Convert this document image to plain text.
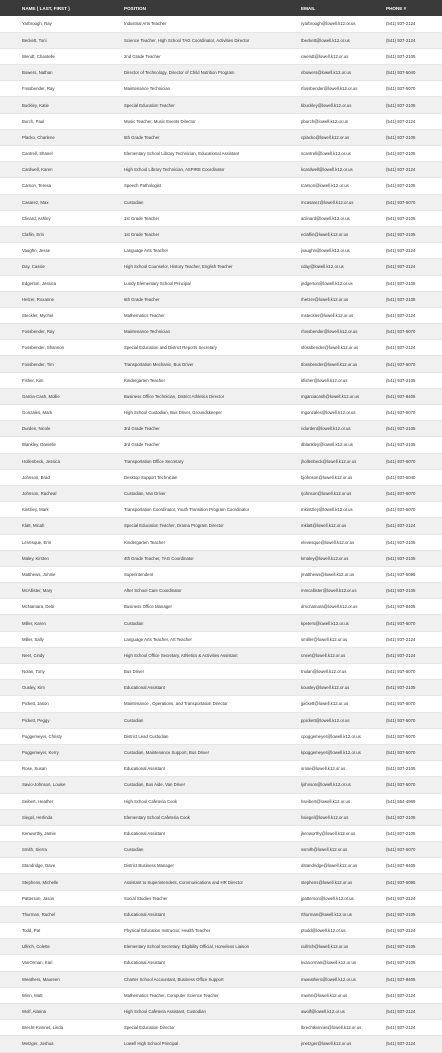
NAME ( LAST, FIRST )	POSITION	EMAIL	PHONE #
Yarbrough, Ray	Industrial Arts Teacher	ryarbrough@lowell.k12.or.us	(541) 937-2124
Beckett, Toni	Science Teacher, High School TAG Coordinator, Activities Director	tbeckett@lowell.k12.or.us	(541) 937-2124
Wendt, Chantelle	2nd Grade Teacher	cwendt@lowell.k12.or.us	(541) 937-2105
Bowers, Nathan	Director of Technology, Director of Child Nutrition Program	nbowers@lowell.k12.or.us	(541) 937-5040
Fossbender, Ray	Maintenance Technician	rfossbender@lowell.k12.or.us	(541) 937-5070
Buckley, Katie	Special Education Teacher	kbuckley@lowell.k12.or.us	(541) 937-2105
Burch, Paul	Music Teacher, Music Events Director	pburch@lowell.k12.or.us	(541) 937-2124
Placko, Charlene	5th Grade Teacher	cplacko@lowell.k12.or.us	(541) 937-2105
Cantrell, Shanel	Elementary School Library Technician, Educational Assistant	scantrell@lowell.k12.or.us	(541) 937-2105
Cardwell, Karen	High School Library Technician, ASPIRE Coordinator	kcardwell@lowell.k12.or.us	(541) 937-2124
Carson, Teresa	Speech Pathologist	tcarson@lowell.k12.or.us	(541) 937-2105
Casarez, Max	Custodian	mcasarez@lowell.k12.or.us	(541) 937-5070
Clinard, Ashley	1st Grade Teacher	aclinard@lowell.k12.or.us	(541) 937-2105
Claflin, Erin	1st Grade Teacher	eclaflin@lowell.k12.or.us	(541) 937-2105
Vaughn, Jesse	Language Arts Teacher	jvaughn@lowell.k12.or.us	(541) 937-2124
Day, Cassie	High School Counselor, History Teacher, English Teacher	cday@lowell.k12.or.us	(541) 937-2124
Edgerton, Jessica	Lundy Elementary School Principal	jedgerton@lowell.k12.or.us	(541) 937-2105
Hetzer, Roxanne	6th Grade Teacher	rhetzer@lowell.k12.or.us	(541) 937-2105
Steckler, Mychel	Mathematics Teacher	msteckler@lowell.k12.or.us	(541) 937-2124
Fossbender, Ray	Maintenance Technician	rfossbender@lowell.k12.or.us	(541) 937-5070
Fossbender, Shannon	Special Education and District Reports Secretary	sfossbender@lowell.k12.or.us	(541) 937-2124
Fossbender, Tim	Transportation Mechanic, Bus Driver	tfossbender@lowell.k12.or.us	(541) 937-5070
Fisher, Kim	Kindergarten Teacher	kfisher@lowell.k12.or.us	(541) 937-2105
Garcia-Cash, Mollie	Business Office Technician, District Athletics Director	mgarciacash@lowell.k12.or.us	(541) 937-8405
Gonzales, Mark	High School Custodian, Bus Driver, Groundskeeper	mgonzales@lowell.k12.or.us	(541) 937-5070
Durden, Nicole	3rd Grade Teacher	ndurden@lowell.k12.or.us	(541) 937-2105
Blankley, Danielle	3rd Grade Teacher	dblankley@lowell.k12.or.us	(541) 937-2105
Hollenbeck, Jessica	Transportation Office Secretary	jhollenbeck@lowell.k12.or.us	(541) 937-5070
Johnson, Brad	Desktop Support Technician	bjohnson@lowell.k12.or.us	(541) 937-5040
Johnson, Racheal	Custodian, Van Driver	rjohnson@lowell.k12.or.us	(541) 937-5070
Kintzley, Mark	Transportation Coordinator, Youth Transition Program Coordinator	mkintzley@lowell.k12.or.us	(541) 937-5070
Klatt, Micah	Special Education Teacher, Drama Program Director	mklatt@lowell.k12.or.us	(541) 937-2124
LeVesque, Erin	Kindergarten Teacher	elevesque@lowell.k12.or.us	(541) 937-2105
Maley, Kirsten	4th Grade Teacher, TAG Coordinator	kmaley@lowell.k12.or.us	(541) 937-2105
Matthews, Johnie	Superintendent	jmatthews@lowell.k12.or.us	(541) 937-5095
McAllister, Mary	After School Care Coordinator	mmcallister@lowell.k12.or.us	(541) 937-2105
McNamara, Debi	Business Office Manager	dmcnamara@lowell.k12.or.us	(541) 937-8405
Miller, Karen	Custodian	kpeters@lowell.k12.or.us	(541) 937-5070
Miller, Sally	Language Arts Teacher, Art Teacher	smiller@lowell.k12.or.us	(541) 937-2124
Neet, Cindy	High School Office Secretary, Athletics & Activities Assistant	cneet@lowell.k12.or.us	(541) 937-2124
Nolan, Tony	Bus Driver	tnolan@lowell.k12.or.us	(541) 937-5070
Ousley, Kim	Educational Assistant	kousley@lowell.k12.or.us	(541) 937-2105
Pickett, Jason	Maintenance , Operations, and Transportation Director	jpickett@lowell.k12.or.us	(541) 937-5070
Pickett, Peggy	Custodian	ppickett@lowell.k12.or.us	(541) 937-5070
Poggemeyer, Christy	District Lead Custodian	cpoggemeyer@lowell.k12.or.us	(541) 937-5070
Poggemeyer, Kerry	Custodian, Maintenance Support, Bus Driver	kpoggemeyer@lowell.k12.or.us	(541) 937-5070
Rose, Susan	Educational Assistant	srose@lowell.k12.or.us	(541) 937-2105
Savio-Johnson, Louise	Custodian, Bus Aide, Van Driver	ljohnson@lowell.k12.or.us	(541) 937-5070
Seibert, Heather	High School Cafeteria Cook	hseibert@lowell.k12.or.us	(541) 554-4969
Siegel, Herlinda	Elementary School Cafeteria Cook	hsiegel@lowell.k12.or.us	(541) 937-2105
Kenworthy, Jamie	Educational Assistant	jkenworthy@lowell.k12.or.us	(541) 937-2105
Smith, Sierra	Custodian	ssmith@lowell.k12.or.us	(541) 937-5070
Standridge, Dave	District Business Manager	dstandridge@lowell.k12.or.us	(541) 937-8405
Stephens, Michelle	Assistant to Superintendent, Communications and HR Director	stephens@lowell.k12.or.us	(541) 937-5095
Patterson, Jason	Social Studies Teacher	jpatterson@lowell.k12.or.us	(541) 937-2124
Thurman, Rachel	Educational Assistant	rthurman@lowell.k12.or.us	(541) 937-2105
Todd, Pat	Physical Education Instructor, Health Teacher	ptodd@lowell.k12.or.us	(541) 937-2124
Ullrich, Colette	Elementary School Secretary, Eligibility Official, Homeless Liaison	cullrich@lowell.k12.or.us	(541) 937-2105
VanOrman, Kari	Educational Assistant	kvanorman@lowell.k12.or.us	(541) 937-2105
Weathers, Maureen	Charter School Accountant, Business Office Support	mweathers@lowell.k12.or.us	(541) 937-8405
Winn, Matt	Mathematics Teacher, Computer Science Teacher	mwinn@lowell.k12.or.us	(541) 937-2124
Wolf, Alanna	High School Cafeteria Assistant, Custodian	awolf@lowell.k12.or.us	(541) 937-2124
Brecht-Kvinnet, Linda	Special Education Director	lbrechtkvinnet@lowell.k12.or.us	(541) 937-2124
Metzger, Joshua	Lowell High School Principal	jmetzger@lowell.k12.or.us	(541) 937-2124
